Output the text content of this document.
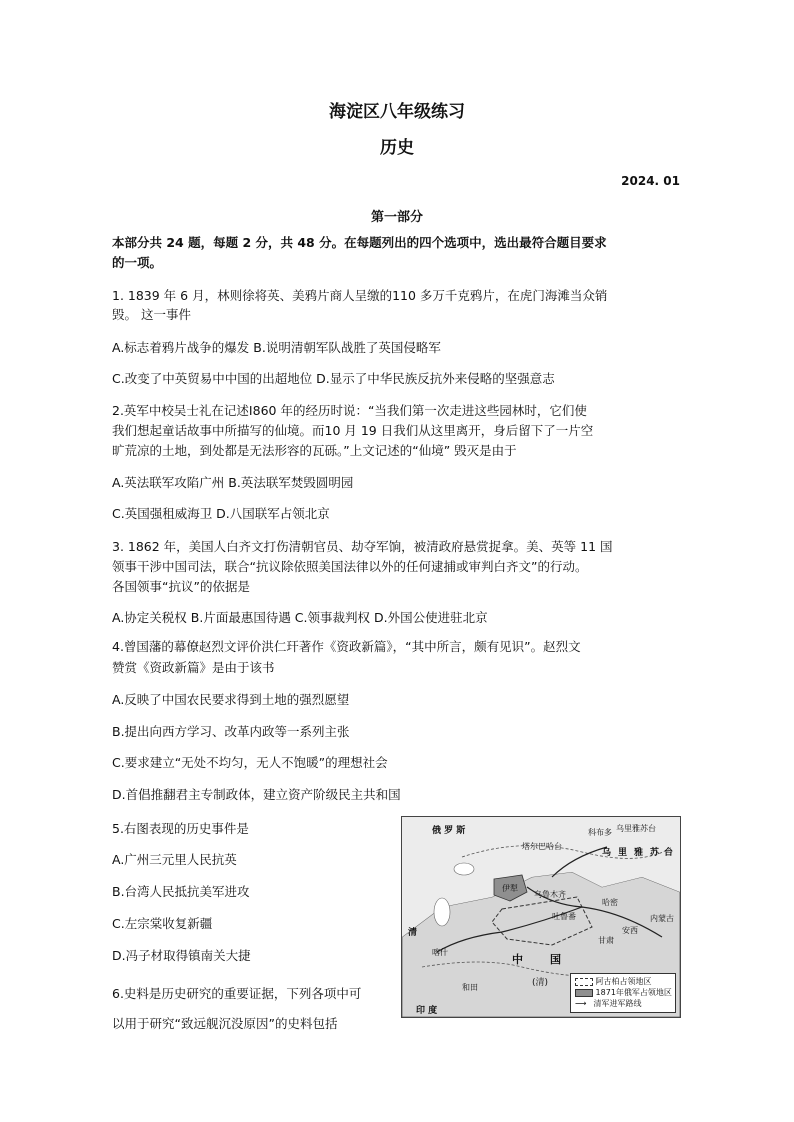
海淀区八年级练习
历史
2024. 01
第一部分
本部分共 24 题，每题 2 分，共 48 分。在每题列出的四个选项中，选出最符合题目要求
的一项。
1. 1839 年 6 月，林则徐将英、美鸦片商人呈缴的110 多万千克鸦片，在虎门海滩当众销
毁。 这一事件
A.标志着鸦片战争的爆发 B.说明清朝军队战胜了英国侵略军
C.改变了中英贸易中中国的出超地位 D.显示了中华民族反抗外来侵略的坚强意志
2.英军中校吴士礼在记述I860 年的经历时说：“当我们第一次走进这些园林时，它们使
我们想起童话故事中所描写的仙境。而10 月 19 日我们从这里离开，身后留下了一片空
旷荒凉的土地，到处都是无法形容的瓦砾。”上文记述的“仙境” 毁灭是由于
A.英法联军攻陷广州 B.英法联军焚毁圆明园
C.英国强租威海卫 D.八国联军占领北京
3. 1862 年，美国人白齐文打伤清朝官员、劫夺军饷，被清政府悬赏捉拿。美、英等 11 国
领事干涉中国司法，联合“抗议除依照美国法律以外的任何逮捕或审判白齐文”的行动。
各国领事“抗议”的依据是
A.协定关税权 B.片面最惠国待遇 C.领事裁判权 D.外国公使进驻北京
4.曾国藩的幕僚赵烈文评价洪仁玕著作《资政新篇》，“其中所言，颇有见识”。赵烈文
赞赏《资政新篇》是由于该书
A.反映了中国农民要求得到土地的强烈愿望
B.提出向西方学习、改革内政等一系列主张
C.要求建立“无处不均匀，无人不饱暖”的理想社会
D.首倡推翻君主专制政体，建立资产阶级民主共和国
5.右图表现的历史事件是
A.广州三元里人民抗英
B.台湾人民抵抗美军进攻
C.左宗棠收复新疆
D.冯子材取得镇南关大捷
6.史料是历史研究的重要证据，下列各项中可
以用于研究“致远舰沉没原因”的史料包括
俄 罗 斯	科布多 乌里雅苏台
塔尔巴哈台
乌 里 雅 苏 台
伊犁
乌鲁木齐
清
哈密
吐鲁番
和田
喀什
安西
内蒙古
甘肃
中 国
(清)
印 度
阿古柏占领地区
1871年俄军占领地区
⟶ 清军进军路线
